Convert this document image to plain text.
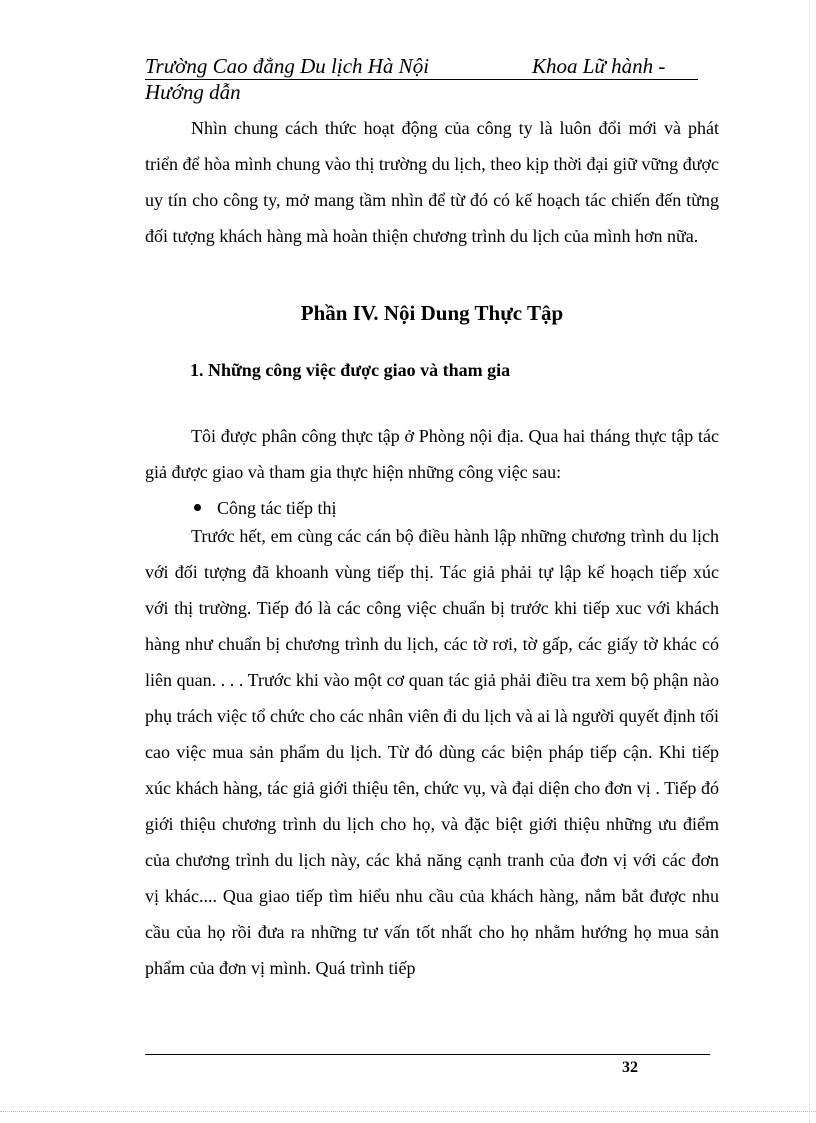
Trường Cao đẳng Du lịch Hà Nội	Khoa Lữ hành -
Hướng dẫn
Nhìn chung cách thức hoạt động của công ty là luôn đổi mới và phát triển để hòa mình chung vào thị trường du lịch, theo kịp thời đại giữ vững được uy tín cho công ty, mở mang tầm nhìn để từ đó có kế hoạch tác chiến đến từng đối tượng khách hàng mà hoàn thiện chương trình du lịch của mình hơn nữa.
Phần IV. Nội Dung Thực Tập
1. Những công việc được giao và tham gia
Tôi được phân công thực tập ở Phòng nội địa. Qua hai tháng thực tập tác giả được giao và tham gia thực hiện những công việc sau:
Công tác tiếp thị
Trước hết, em cùng các cán bộ điều hành lập những chương trình du lịch với đối tượng đã khoanh vùng tiếp thị. Tác giả phải tự lập kế hoạch tiếp xúc với thị trường. Tiếp đó là các công việc chuẩn bị trước khi tiếp xuc với khách hàng như chuẩn bị chương trình du lịch, các tờ rơi, tờ gấp, các giấy tờ khác có liên quan. . . . Trước khi vào một cơ quan tác giả phải điều tra xem bộ phận nào phụ trách việc tổ chức cho các nhân viên đi du lịch và ai là người quyết định tối cao việc mua sản phẩm du lịch. Từ đó dùng các biện pháp tiếp cận. Khi tiếp xúc khách hàng, tác giả giới thiệu tên, chức vụ, và đại diện cho đơn vị . Tiếp đó giới thiệu chương trình du lịch cho họ, và đặc biệt giới thiệu những ưu điểm của chương trình du lịch này, các khả năng cạnh tranh của đơn vị với các đơn vị khác.... Qua giao tiếp tìm hiểu nhu cầu của khách hàng, nắm bắt được nhu cầu của họ rồi đưa ra những tư vấn tốt nhất cho họ nhằm hướng họ mua sản phẩm của đơn vị mình. Quá trình tiếp
32
